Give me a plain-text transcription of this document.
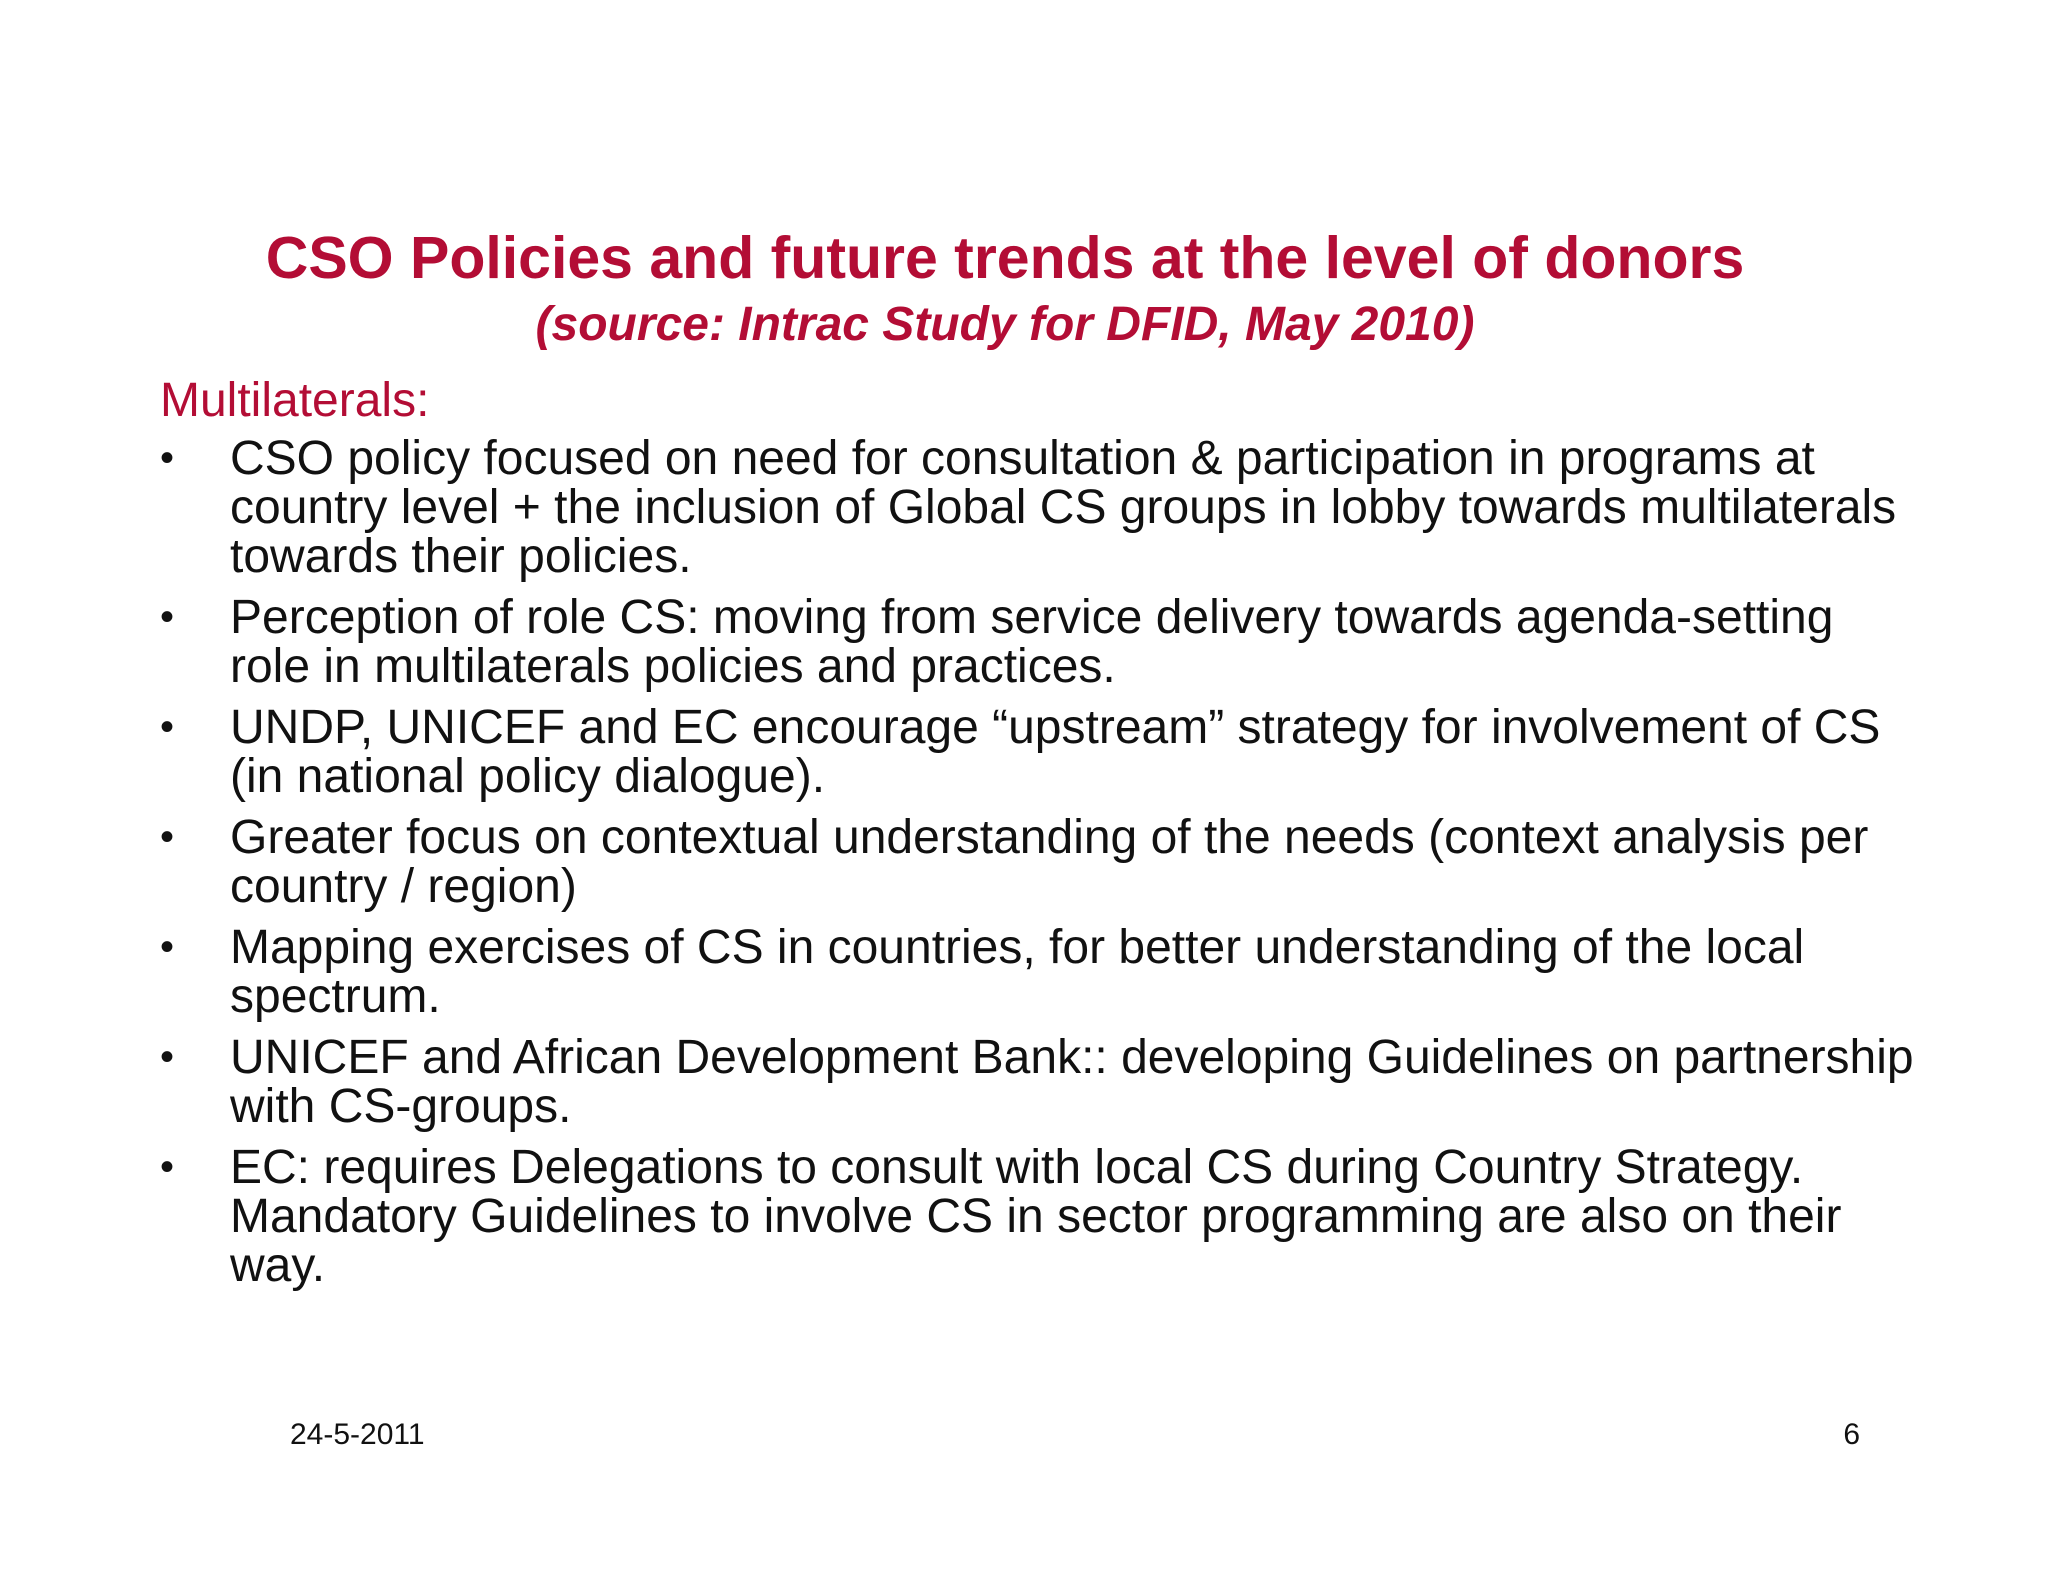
CSO Policies and future trends at the level of donors

(source: Intrac Study for DFID, May 2010)

Multilaterals:

•	CSO policy focused on need for consultation & participation in programs at country level + the inclusion of Global CS groups in lobby towards multilaterals towards their policies.
•	Perception of role CS: moving from service delivery towards agenda-setting role in multilaterals policies and practices.
•	UNDP, UNICEF and EC encourage “upstream” strategy for involvement of CS (in national policy dialogue).
•	Greater focus on contextual understanding of the needs (context analysis per country / region)
•	Mapping exercises of CS in countries, for better understanding of the local spectrum.
•	UNICEF and African Development Bank:: developing Guidelines on partnership with CS-groups.
•	EC: requires Delegations to consult with local CS during Country Strategy. Mandatory Guidelines to involve CS in sector programming are also on their way.
24-5-2011	6
